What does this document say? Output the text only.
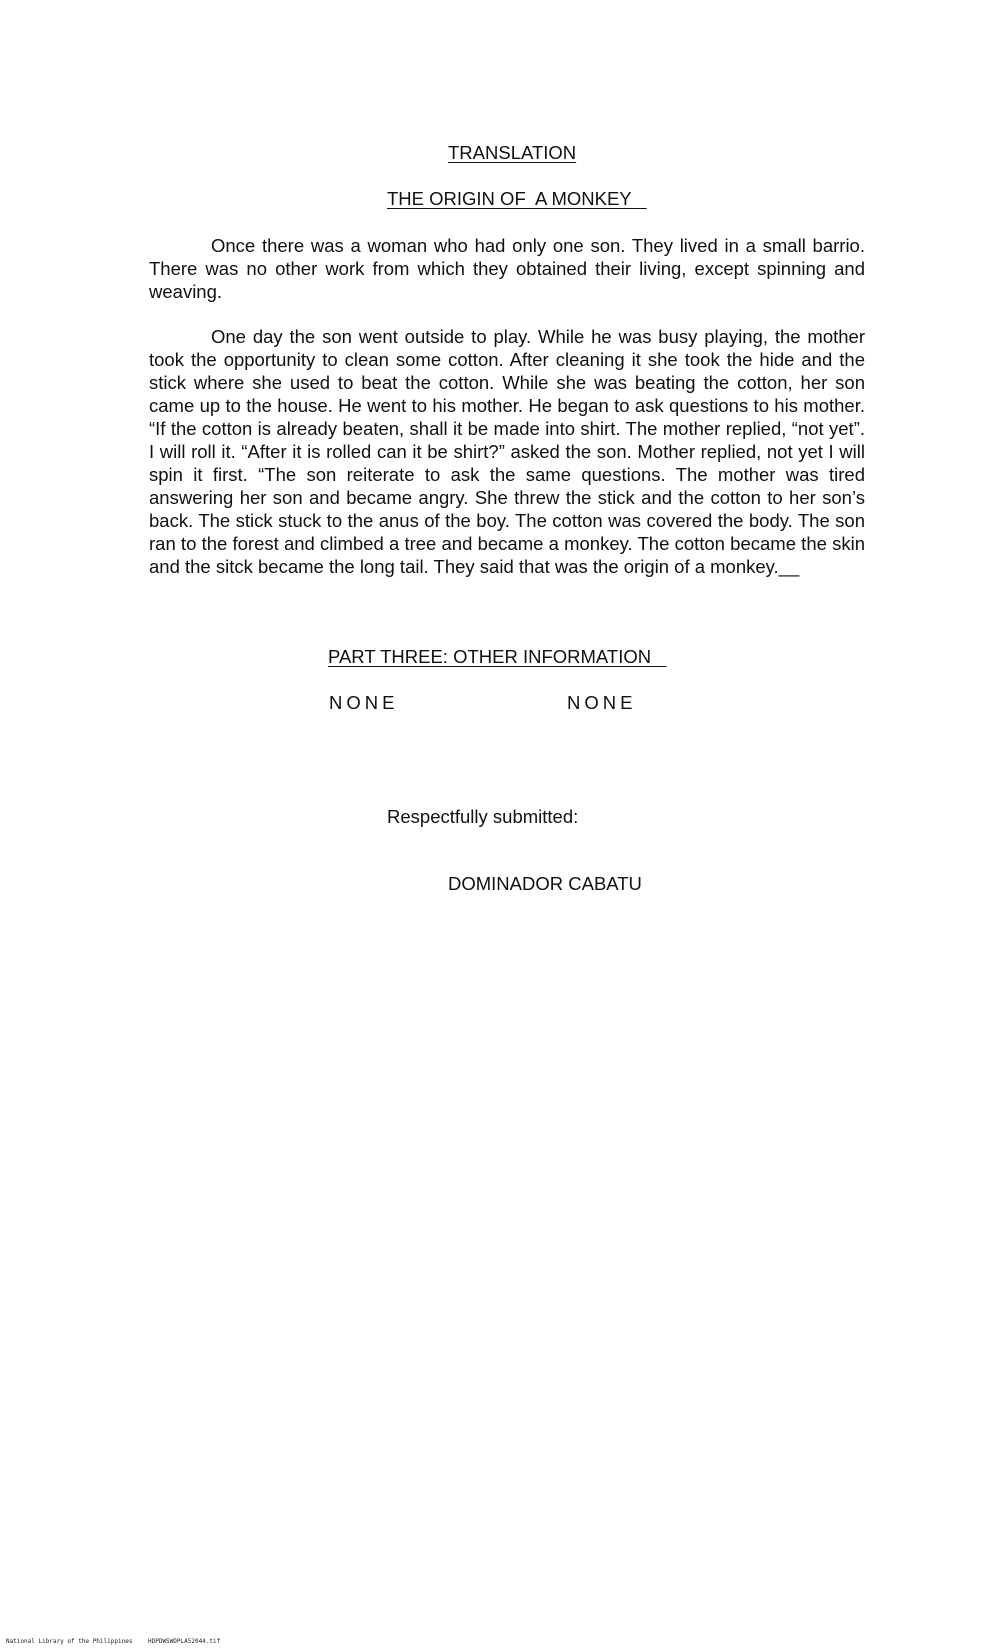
TRANSLATION
THE ORIGIN OF  A MONKEY

Once there was a woman who had only one son. They lived in a small barrio. There was no other work from which they obtained their living, except spinning and weaving.

One day the son went outside to play. While he was busy playing, the mother took the opportunity to clean some cotton. After cleaning it she took the hide and the stick where she used to beat the cotton. While she was beating the cotton, her son came up to the house. He went to his mother. He began to ask questions to his mother. “If the cotton is already beaten, shall it be made into shirt. The mother replied, “not yet”. I will roll it. “After it is rolled can it be shirt?” asked the son. Mother replied, not yet I will spin it first. “The son reiterate to ask the same questions. The mother was tired answering her son and became angry. She threw the stick and the cotton to her son’s back. The stick stuck to the anus of the boy. The cotton was covered the body. The son ran to the forest and climbed a tree and became a monkey. The cotton became the skin and the sitck became the long tail. They said that was the origin of a monkey.__

PART THREE: OTHER INFORMATION
NONE	NONE
Respectfully submitted:
DOMINADOR CABATU
National Library of the Philippines	HDPDWSWDPLA52044.tif
